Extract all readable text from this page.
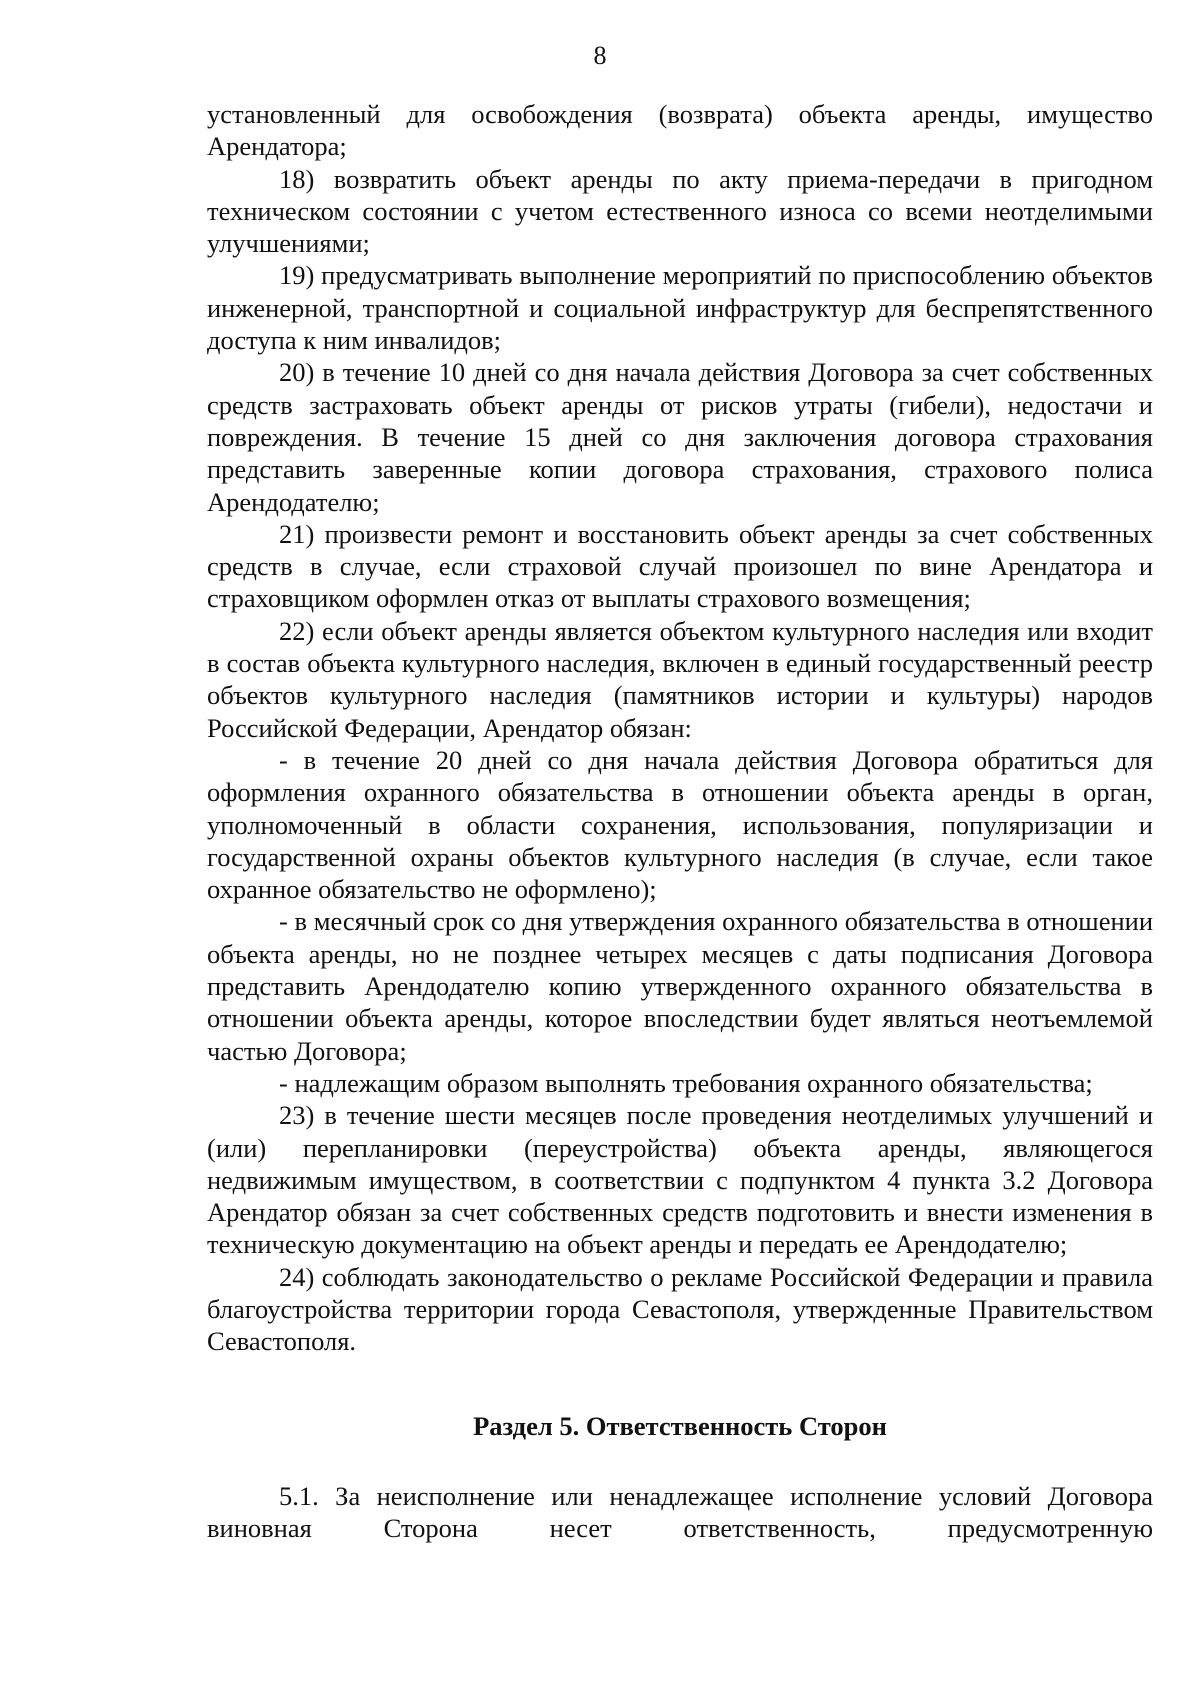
8

установленный для освобождения (возврата) объекта аренды, имущество Арендатора;

18) возвратить объект аренды по акту приема-передачи в пригодном техническом состоянии с учетом естественного износа со всеми неотделимыми улучшениями;

19) предусматривать выполнение мероприятий по приспособлению объектов инженерной, транспортной и социальной инфраструктур для беспрепятственного доступа к ним инвалидов;

20) в течение 10 дней со дня начала действия Договора за счет собственных средств застраховать объект аренды от рисков утраты (гибели), недостачи и повреждения. В течение 15 дней со дня заключения договора страхования представить заверенные копии договора страхования, страхового полиса Арендодателю;

21) произвести ремонт и восстановить объект аренды за счет собственных средств в случае, если страховой случай произошел по вине Арендатора и страховщиком оформлен отказ от выплаты страхового возмещения;

22) если объект аренды является объектом культурного наследия или входит в состав объекта культурного наследия, включен в единый государственный реестр объектов культурного наследия (памятников истории и культуры) народов Российской Федерации, Арендатор обязан:

- в течение 20 дней со дня начала действия Договора обратиться для оформления охранного обязательства в отношении объекта аренды в орган, уполномоченный в области сохранения, использования, популяризации и государственной охраны объектов культурного наследия (в случае, если такое охранное обязательство не оформлено);

- в месячный срок со дня утверждения охранного обязательства в отношении объекта аренды, но не позднее четырех месяцев с даты подписания Договора представить Арендодателю копию утвержденного охранного обязательства в отношении объекта аренды, которое впоследствии будет являться неотъемлемой частью Договора;

- надлежащим образом выполнять требования охранного обязательства;

23) в течение шести месяцев после проведения неотделимых улучшений и (или) перепланировки (переустройства) объекта аренды, являющегося недвижимым имуществом, в соответствии с подпунктом 4 пункта 3.2 Договора Арендатор обязан за счет собственных средств подготовить и внести изменения в техническую документацию на объект аренды и передать ее Арендодателю;

24) соблюдать законодательство о рекламе Российской Федерации и правила благоустройства территории города Севастополя, утвержденные Правительством Севастополя.

Раздел 5. Ответственность Сторон

5.1. За неисполнение или ненадлежащее исполнение условий Договора виновная Сторона несет ответственность, предусмотренную
